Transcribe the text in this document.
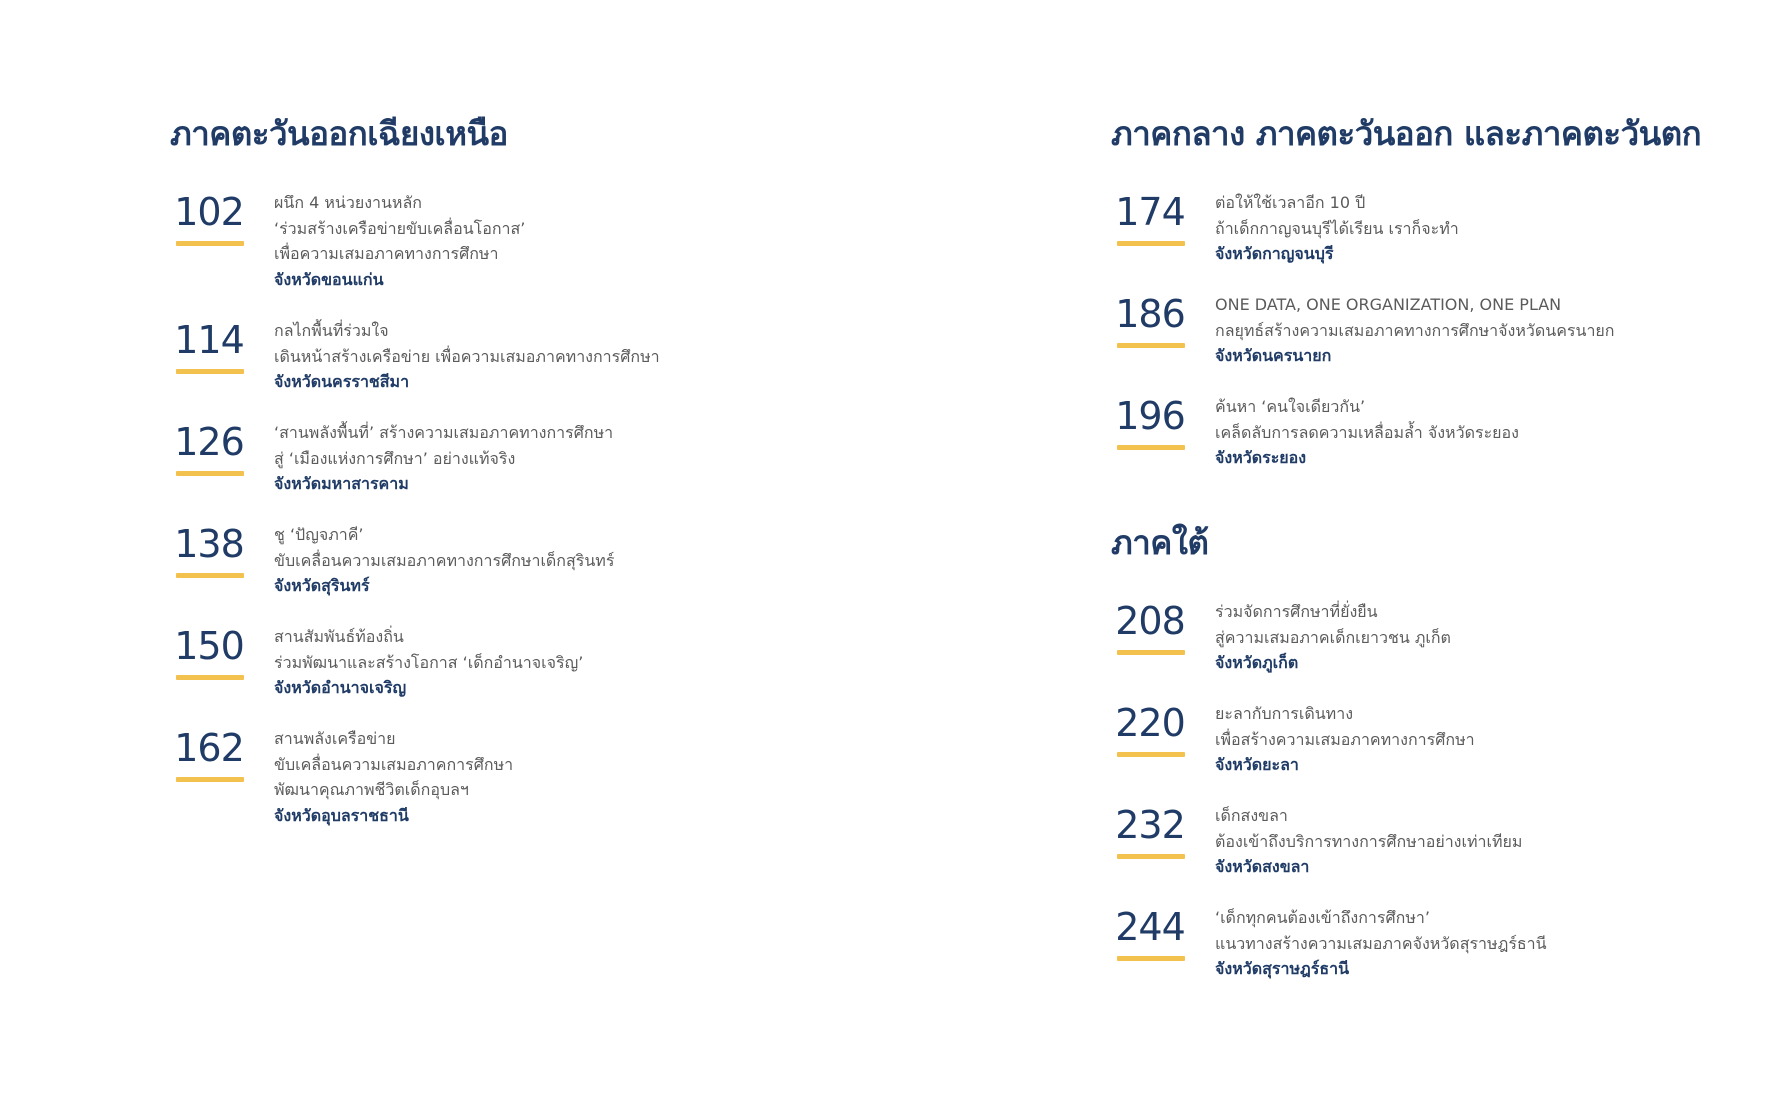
ภาคตะวันออกเฉียงเหนือ
102 ผนึก 4 หน่วยงานหลัก
‘ร่วมสร้างเครือข่ายขับเคลื่อนโอกาส’
เพื่อความเสมอภาคทางการศึกษา
จังหวัดขอนแก่น
114 กลไกพื้นที่ร่วมใจ
เดินหน้าสร้างเครือข่าย เพื่อความเสมอภาคทางการศึกษา
จังหวัดนครราชสีมา
126 ‘สานพลังพื้นที่’ สร้างความเสมอภาคทางการศึกษา
สู่ ‘เมืองแห่งการศึกษา’ อย่างแท้จริง
จังหวัดมหาสารคาม
138 ชู ‘ปัญจภาคี’
ขับเคลื่อนความเสมอภาคทางการศึกษาเด็กสุรินทร์
จังหวัดสุรินทร์
150 สานสัมพันธ์ท้องถิ่น
ร่วมพัฒนาและสร้างโอกาส ‘เด็กอำนาจเจริญ’
จังหวัดอำนาจเจริญ
162 สานพลังเครือข่าย
ขับเคลื่อนความเสมอภาคการศึกษา
พัฒนาคุณภาพชีวิตเด็กอุบลฯ
จังหวัดอุบลราชธานี
ภาคกลาง ภาคตะวันออก และภาคตะวันตก
174 ต่อให้ใช้เวลาอีก 10 ปี
ถ้าเด็กกาญจนบุรีได้เรียน เราก็จะทำ
จังหวัดกาญจนบุรี
186 ONE DATA, ONE ORGANIZATION, ONE PLAN
กลยุทธ์สร้างความเสมอภาคทางการศึกษาจังหวัดนครนายก
จังหวัดนครนายก
196 ค้นหา ‘คนใจเดียวกัน’
เคล็ดลับการลดความเหลื่อมล้ำ จังหวัดระยอง
จังหวัดระยอง
ภาคใต้
208 ร่วมจัดการศึกษาที่ยั่งยืน
สู่ความเสมอภาคเด็กเยาวชน ภูเก็ต
จังหวัดภูเก็ต
220 ยะลากับการเดินทาง
เพื่อสร้างความเสมอภาคทางการศึกษา
จังหวัดยะลา
232 เด็กสงขลา
ต้องเข้าถึงบริการทางการศึกษาอย่างเท่าเทียม
จังหวัดสงขลา
244 ‘เด็กทุกคนต้องเข้าถึงการศึกษา’
แนวทางสร้างความเสมอภาคจังหวัดสุราษฎร์ธานี
จังหวัดสุราษฎร์ธานี
